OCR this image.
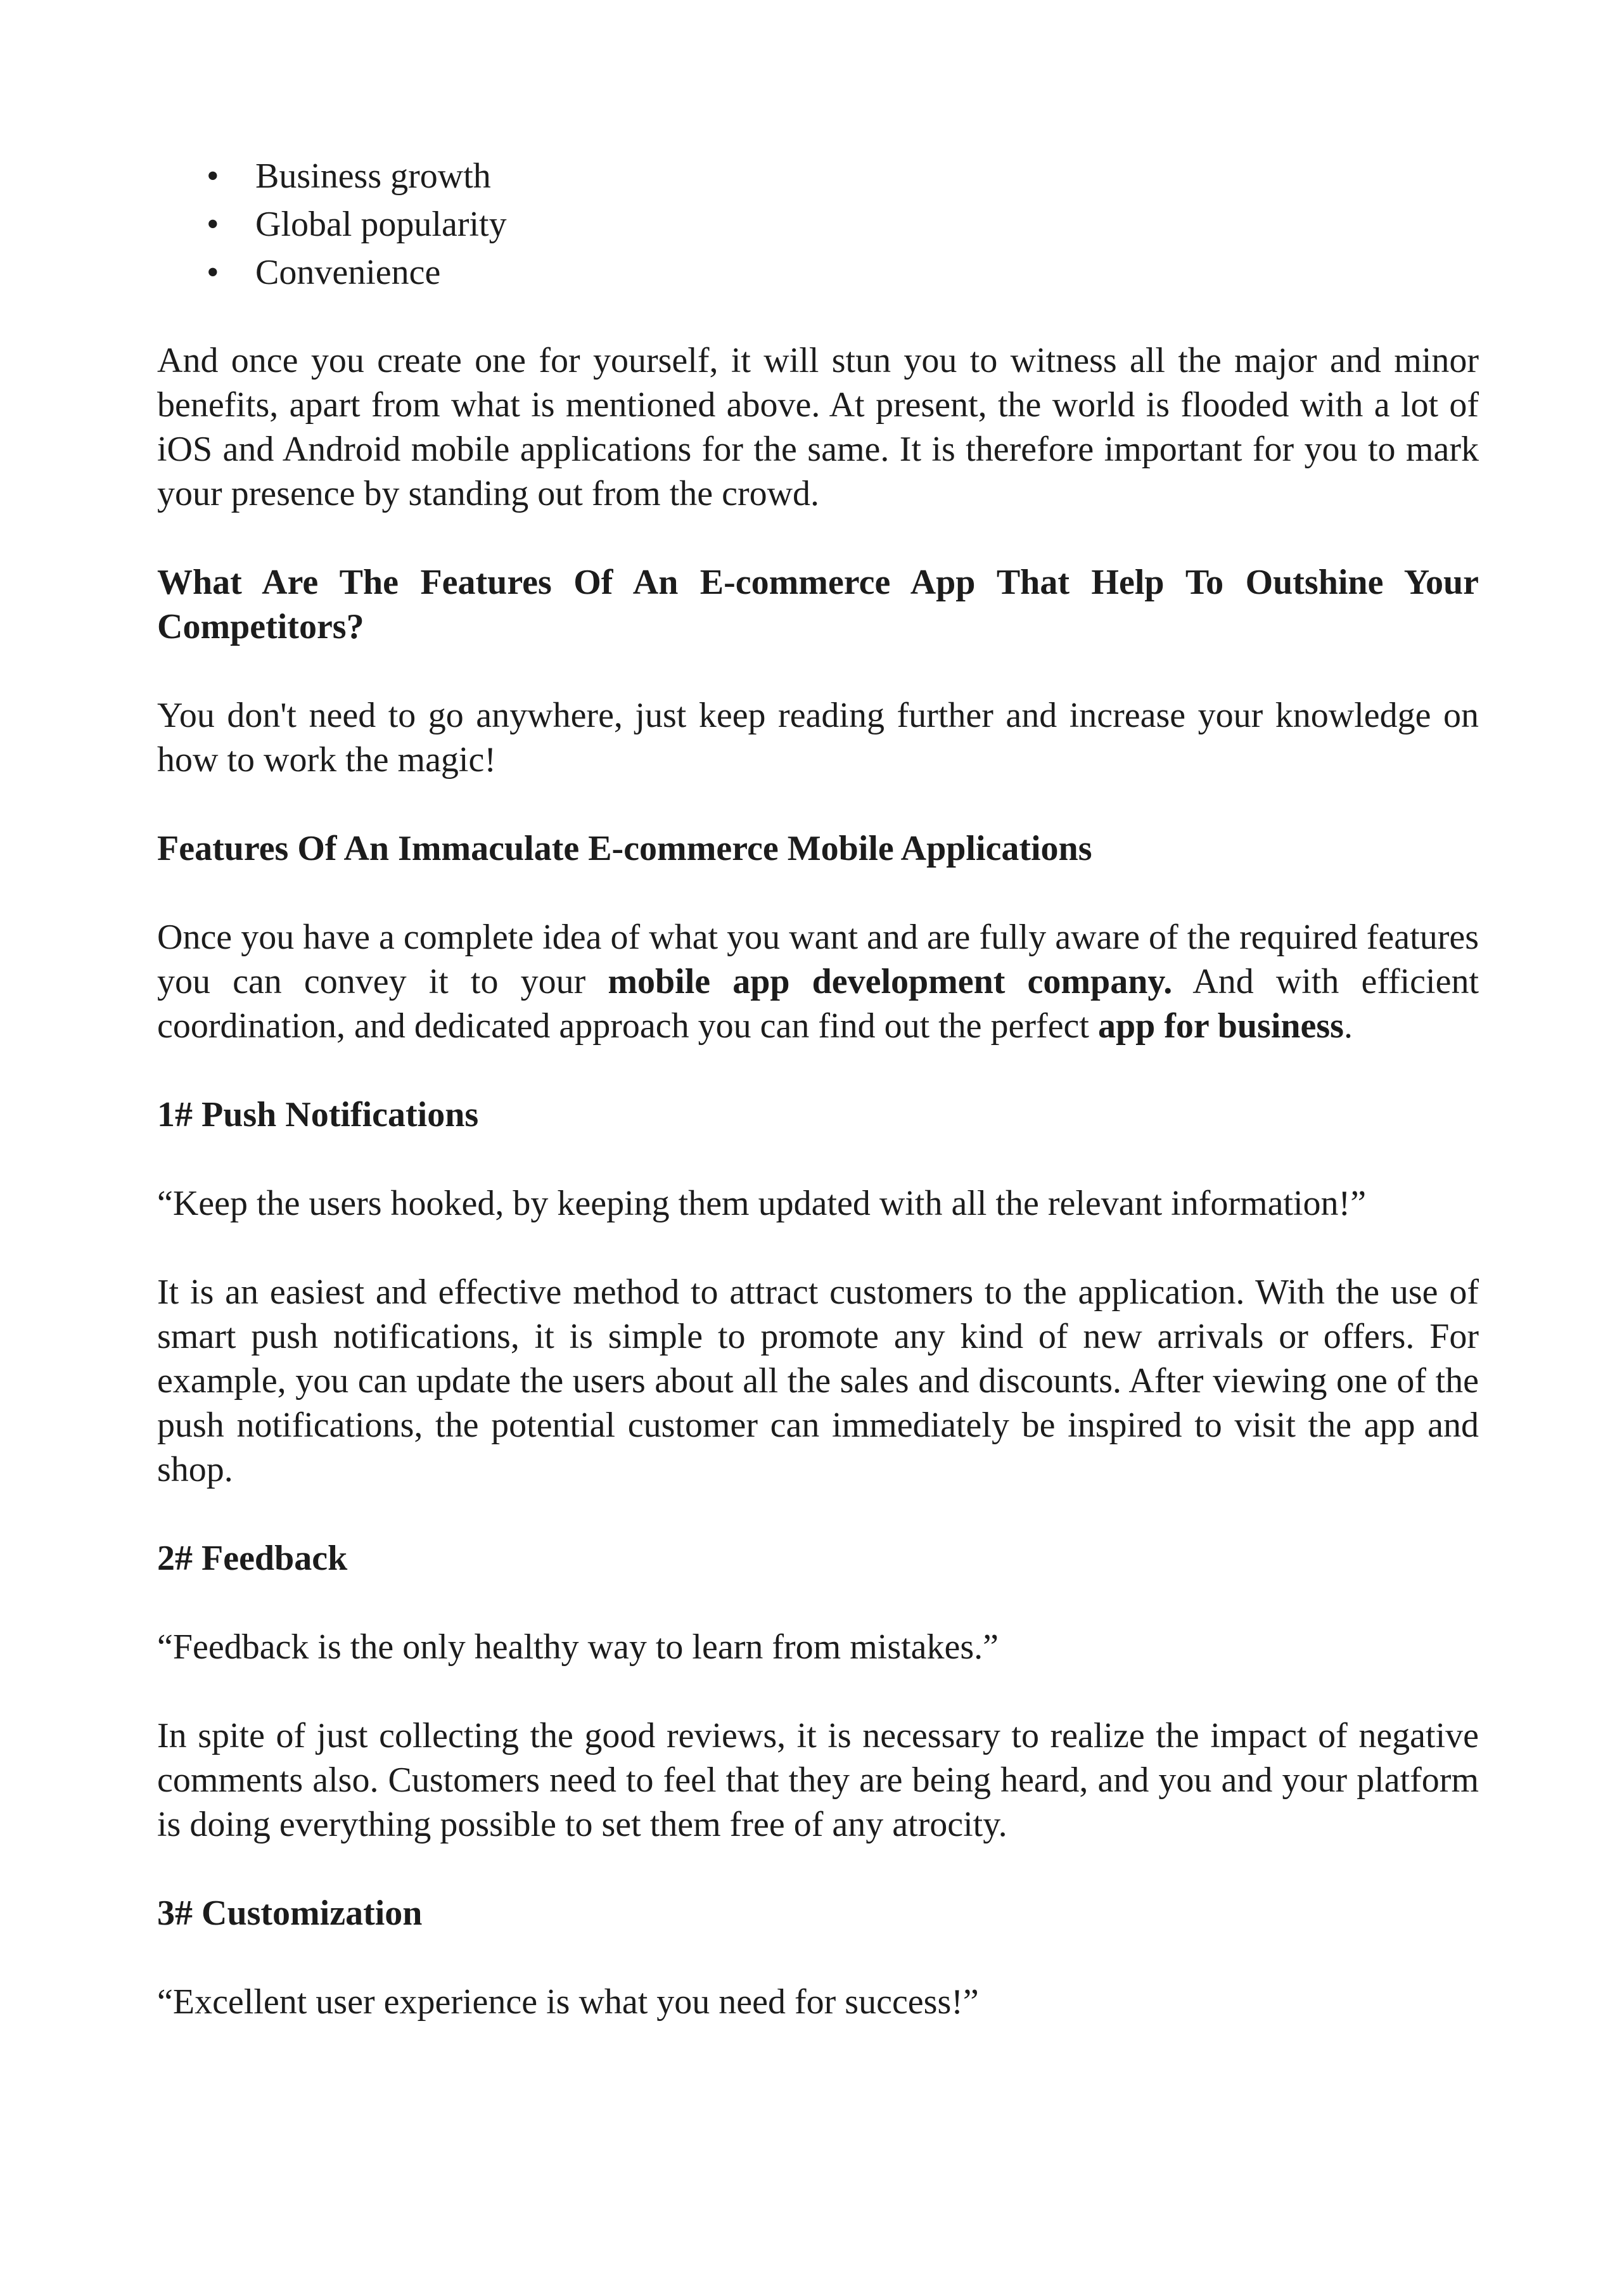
• Business growth
• Global popularity
• Convenience

And once you create one for yourself, it will stun you to witness all the major and minor benefits, apart from what is mentioned above. At present, the world is flooded with a lot of iOS and Android mobile applications for the same. It is therefore important for you to mark your presence by standing out from the crowd.

What Are The Features Of An E-commerce App That Help To Outshine Your Competitors?

You don't need to go anywhere, just keep reading further and increase your knowledge on how to work the magic!

Features Of An Immaculate E-commerce Mobile Applications

Once you have a complete idea of what you want and are fully aware of the required features you can convey it to your mobile app development company. And with efficient coordination, and dedicated approach you can find out the perfect app for business.

1# Push Notifications

“Keep the users hooked, by keeping them updated with all the relevant information!”

It is an easiest and effective method to attract customers to the application. With the use of smart push notifications, it is simple to promote any kind of new arrivals or offers. For example, you can update the users about all the sales and discounts. After viewing one of the push notifications, the potential customer can immediately be inspired to visit the app and shop.

2# Feedback

“Feedback is the only healthy way to learn from mistakes.”

In spite of just collecting the good reviews, it is necessary to realize the impact of negative comments also. Customers need to feel that they are being heard, and you and your platform is doing everything possible to set them free of any atrocity.

3# Customization

“Excellent user experience is what you need for success!”
